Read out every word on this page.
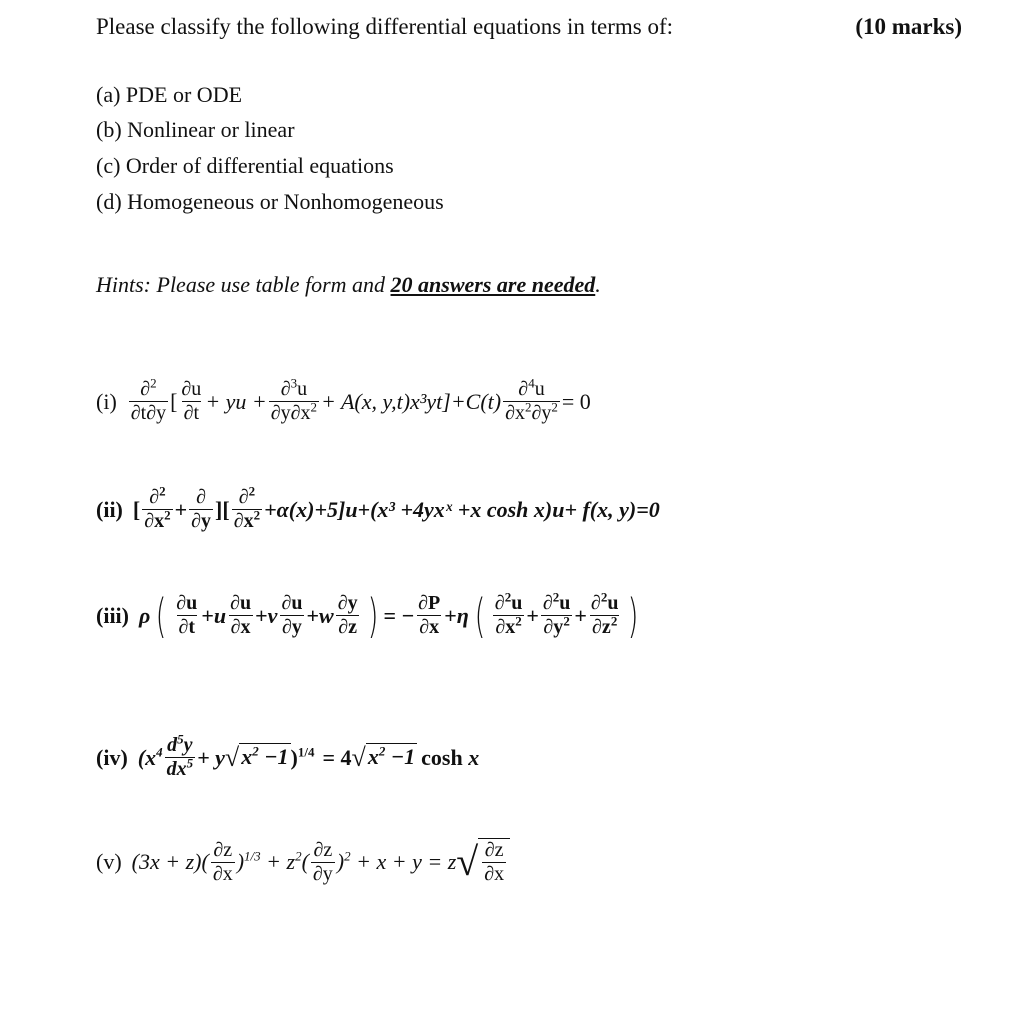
Please classify the following differential equations in terms of:	(10 marks)
(a) PDE or ODE
(b) Nonlinear or linear
(c) Order of differential equations
(d) Homogeneous or Nonhomogeneous
Hints: Please use table form and 20 answers are needed.
$(i) \frac{\partial^2}{\partial t\partial y}$ [ $\frac{\partial u}{\partial t}$ + yu + $\frac{\partial^3u}{\partial y\partial x^2} + A(x$, $y,t)x^3yt]+C(t) \frac{\partial^4u}{\partial x^2\partial y^2} = 0$
(ii) [ $\frac{\partial^2}{\partial x^2} + \frac{\partial}{\partial y}$ ][ $\frac{\partial^2}{\partial x^2} +\alpha(x)+5]u+(x^3$ +4yxˣ +x cosh x)u+ f(x, y)=0
(iii) ρ ( $\frac{\partial u}{\partial t} + u \frac{\partial u}{\partial x} + v \frac{\partial u}{\partial y} + w \frac{\partial y}{\partial z}$ ) = − $\frac{\partial P}{\partial x} + \eta$ ( $\frac{\partial^2u}{\partial x^2} + \frac{\partial^2u}{\partial y^2} + \frac{\partial^2u}{\partial z^2}$ )
(iv) ($x^4 \frac{d^5y}{dx^5} + y$ √ $x^2 -1$ )$^{1/4}$ = 4 √ $x^2 -1$ cosh x
(v) $(3x + z)( \frac{\partial z}{\partial x} )^{1/3} + z^2( \frac{\partial z}{\partial y} )^2 + x + y = z$ √ $\frac{\partial z}{\partial x}$
